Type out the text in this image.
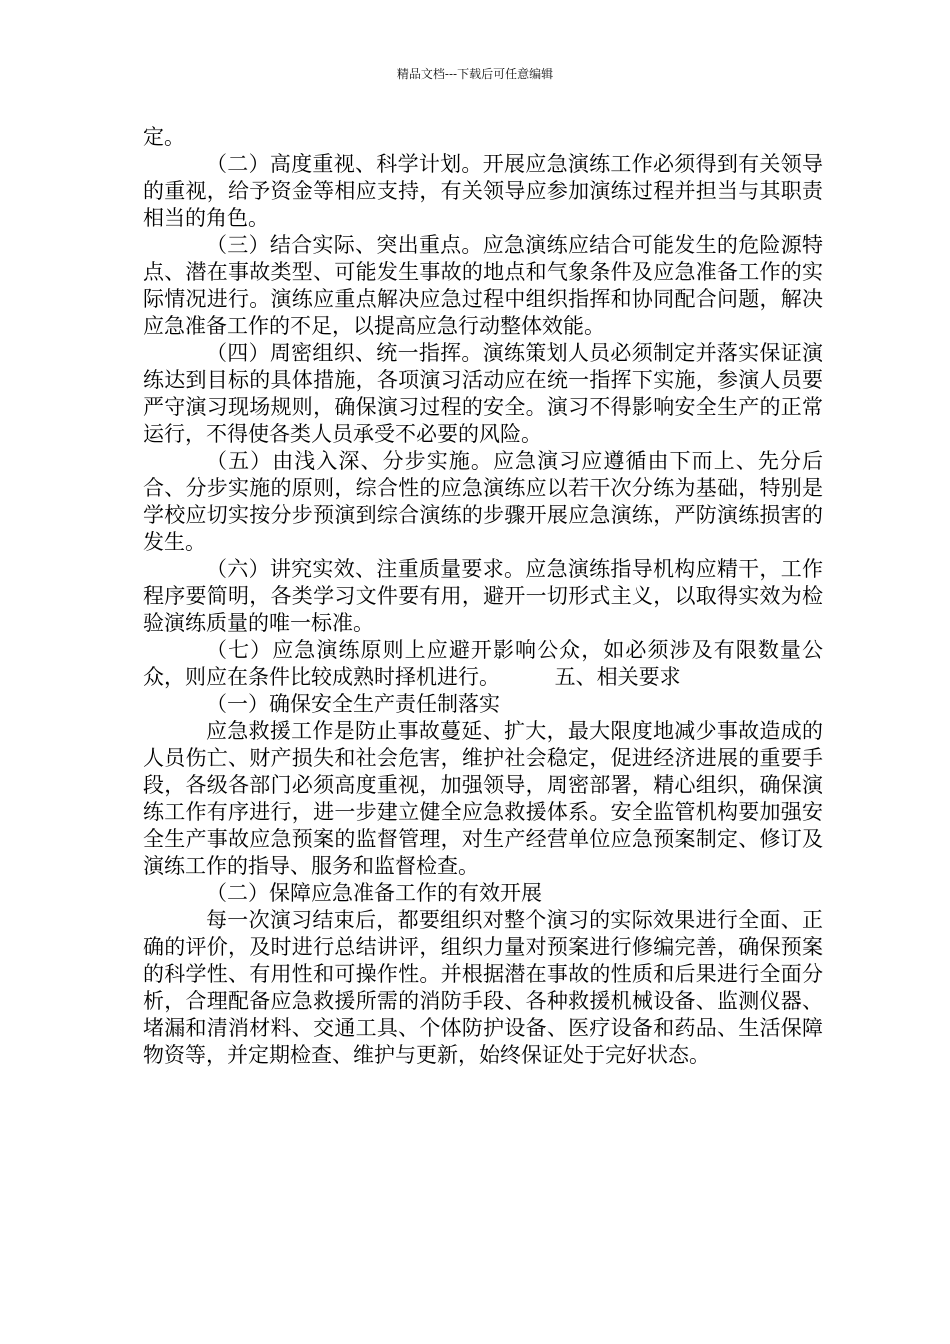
精品文档---下载后可任意编辑

定。

（二）高度重视、科学计划。开展应急演练工作必须得到有关领导的重视，给予资金等相应支持，有关领导应参加演练过程并担当与其职责相当的角色。

（三）结合实际、突出重点。应急演练应结合可能发生的危险源特点、潜在事故类型、可能发生事故的地点和气象条件及应急准备工作的实际情况进行。演练应重点解决应急过程中组织指挥和协同配合问题，解决应急准备工作的不足，以提高应急行动整体效能。

（四）周密组织、统一指挥。演练策划人员必须制定并落实保证演练达到目标的具体措施，各项演习活动应在统一指挥下实施，参演人员要严守演习现场规则，确保演习过程的安全。演习不得影响安全生产的正常运行，不得使各类人员承受不必要的风险。

（五）由浅入深、分步实施。应急演习应遵循由下而上、先分后合、分步实施的原则，综合性的应急演练应以若干次分练为基础，特别是学校应切实按分步预演到综合演练的步骤开展应急演练，严防演练损害的发生。

（六）讲究实效、注重质量要求。应急演练指导机构应精干，工作程序要简明，各类学习文件要有用，避开一切形式主义，以取得实效为检验演练质量的唯一标准。

（七）应急演练原则上应避开影响公众，如必须涉及有限数量公众，则应在条件比较成熟时择机进行。	五、相关要求

（一）确保安全生产责任制落实

应急救援工作是防止事故蔓延、扩大，最大限度地减少事故造成的人员伤亡、财产损失和社会危害，维护社会稳定，促进经济进展的重要手段，各级各部门必须高度重视，加强领导，周密部署，精心组织，确保演练工作有序进行，进一步建立健全应急救援体系。安全监管机构要加强安全生产事故应急预案的监督管理，对生产经营单位应急预案制定、修订及演练工作的指导、服务和监督检查。

（二）保障应急准备工作的有效开展

每一次演习结束后，都要组织对整个演习的实际效果进行全面、正确的评价，及时进行总结讲评，组织力量对预案进行修编完善，确保预案的科学性、有用性和可操作性。并根据潜在事故的性质和后果进行全面分析，合理配备应急救援所需的消防手段、各种救援机械设备、监测仪器、堵漏和清消材料、交通工具、个体防护设备、医疗设备和药品、生活保障物资等，并定期检查、维护与更新，始终保证处于完好状态。
